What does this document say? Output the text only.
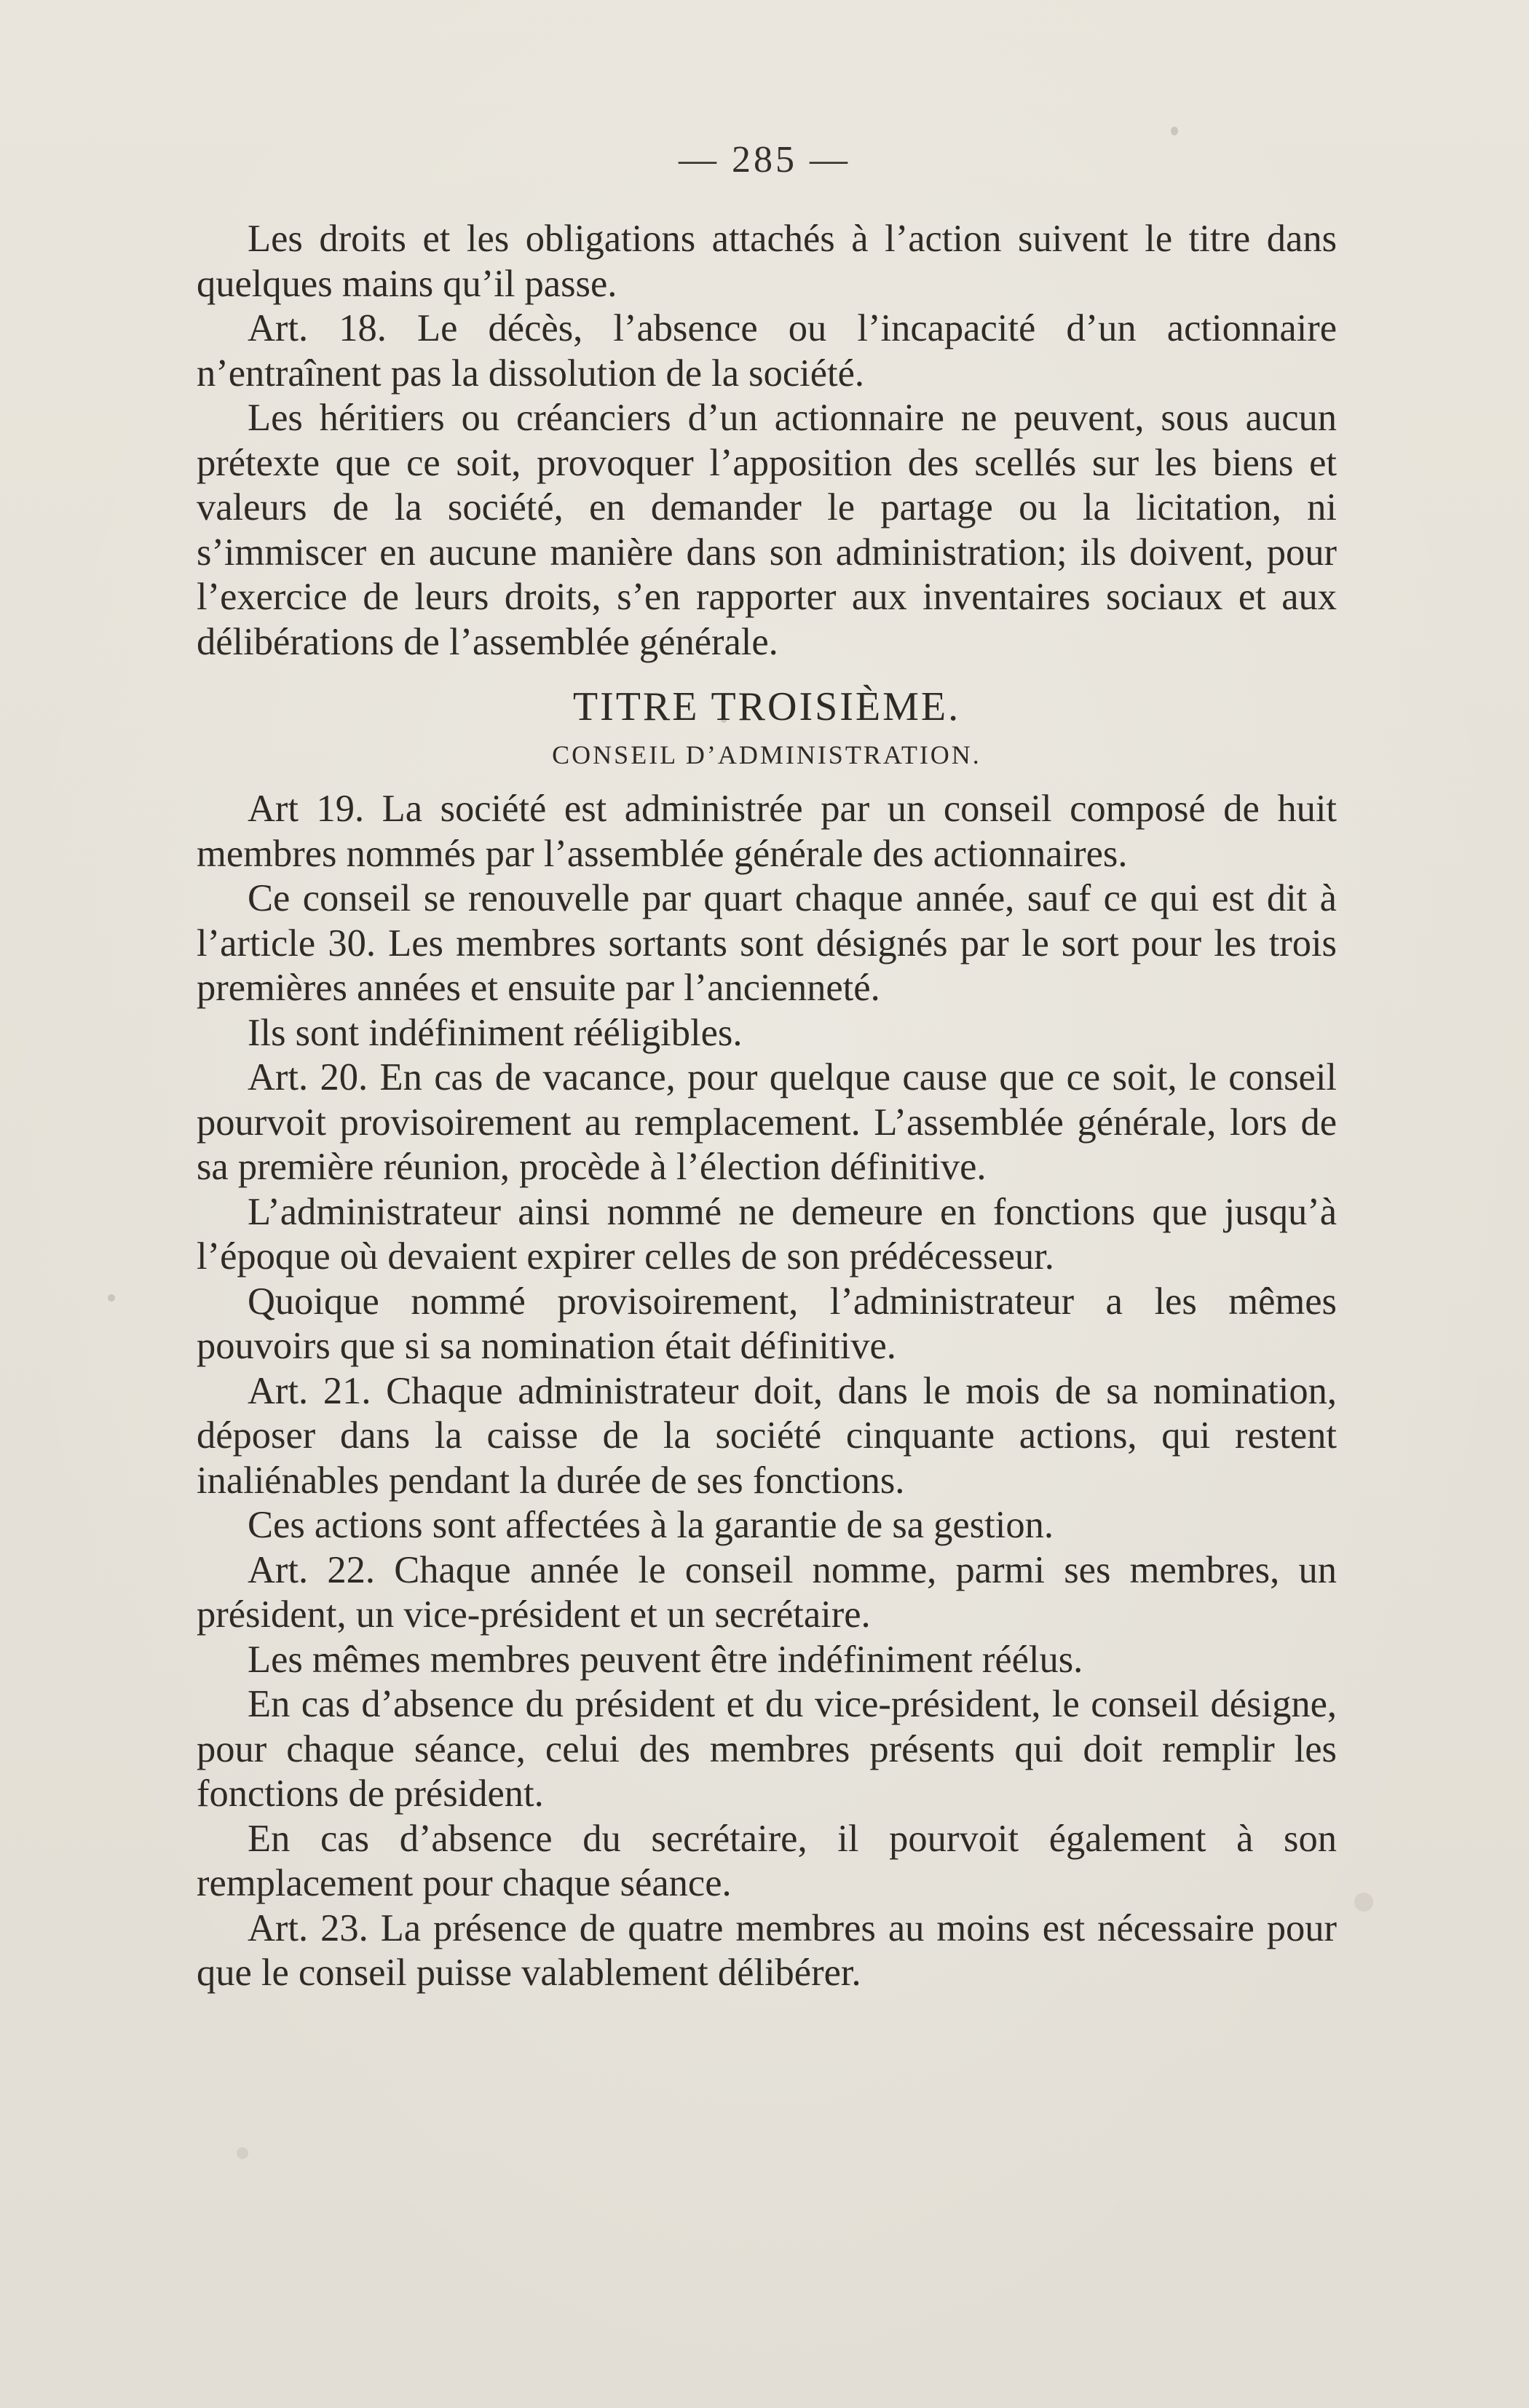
— 285 —

Les droits et les obligations attachés à l’action suivent le titre dans quelques mains qu’il passe.

Art. 18. Le décès, l’absence ou l’incapacité d’un actionnaire n’entraînent pas la dissolution de la société.

Les héritiers ou créanciers d’un actionnaire ne peuvent, sous aucun prétexte que ce soit, provoquer l’apposition des scellés sur les biens et valeurs de la société, en demander le partage ou la licitation, ni s’immiscer en aucune manière dans son administration; ils doivent, pour l’exercice de leurs droits, s’en rapporter aux inventaires sociaux et aux délibérations de l’assemblée générale.

TITRE TROISIÈME.
CONSEIL D’ADMINISTRATION.

Art 19. La société est administrée par un conseil composé de huit membres nommés par l’assemblée générale des actionnaires.

Ce conseil se renouvelle par quart chaque année, sauf ce qui est dit à l’article 30. Les membres sortants sont désignés par le sort pour les trois premières années et ensuite par l’ancienneté.

Ils sont indéfiniment rééligibles.

Art. 20. En cas de vacance, pour quelque cause que ce soit, le conseil pourvoit provisoirement au remplacement. L’assemblée générale, lors de sa première réunion, procède à l’élection définitive.

L’administrateur ainsi nommé ne demeure en fonctions que jusqu’à l’époque où devaient expirer celles de son prédécesseur.

Quoique nommé provisoirement, l’administrateur a les mêmes pouvoirs que si sa nomination était définitive.

Art. 21. Chaque administrateur doit, dans le mois de sa nomination, déposer dans la caisse de la société cinquante actions, qui restent inaliénables pendant la durée de ses fonctions.

Ces actions sont affectées à la garantie de sa gestion.

Art. 22. Chaque année le conseil nomme, parmi ses membres, un président, un vice-président et un secrétaire.

Les mêmes membres peuvent être indéfiniment réélus.

En cas d’absence du président et du vice-président, le conseil désigne, pour chaque séance, celui des membres présents qui doit remplir les fonctions de président.

En cas d’absence du secrétaire, il pourvoit également à son remplacement pour chaque séance.

Art. 23. La présence de quatre membres au moins est nécessaire pour que le conseil puisse valablement délibérer.
